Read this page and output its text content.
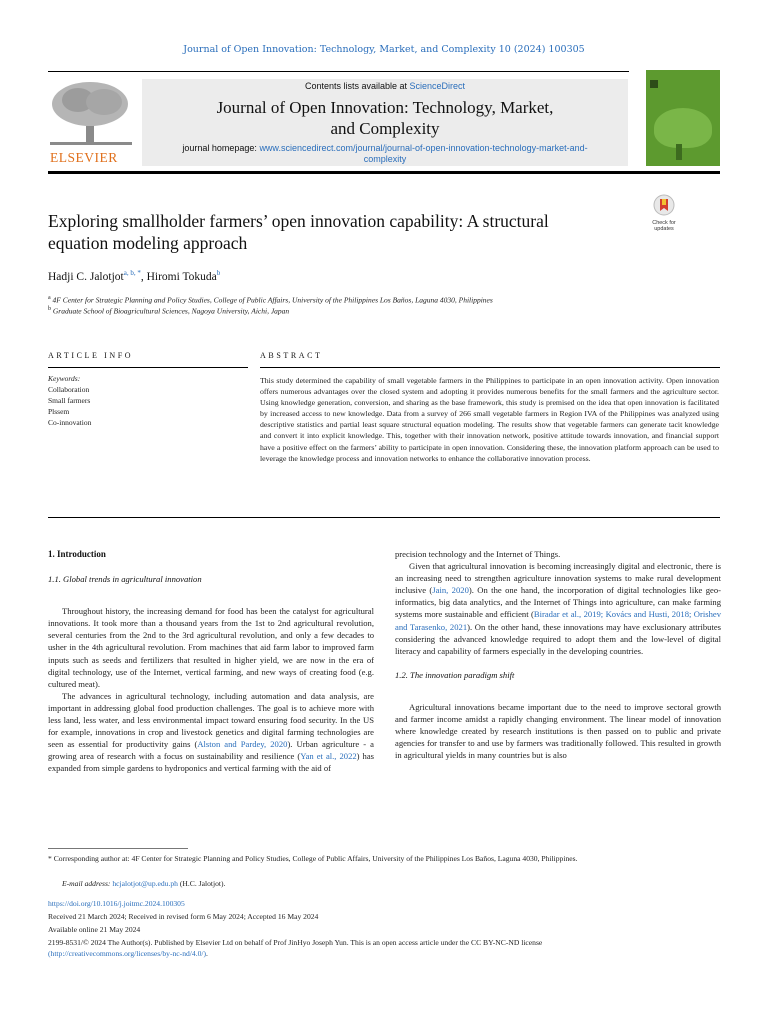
Journal of Open Innovation: Technology, Market, and Complexity 10 (2024) 100305
ELSEVIER
Contents lists available at ScienceDirect
Journal of Open Innovation: Technology, Market,
and Complexity
journal homepage: www.sciencedirect.com/journal/journal-of-open-innovation-technology-market-and-complexity
Check for
updates
Exploring smallholder farmers’ open innovation capability: A structural
equation modeling approach
Hadji C. Jalotjot$^{a, b, *}$, Hiromi Tokuda$^b$
$^a$ 4F Center for Strategic Planning and Policy Studies, College of Public Affairs, University of the Philippines Los Baños, Laguna 4030, Philippines
$^b$ Graduate School of Bioagricultural Sciences, Nagoya University, Aichi, Japan
ARTICLE INFO	ABSTRACT
Keywords:
Collaboration
Small farmers
Plssem
Co-innovation
This study determined the capability of small vegetable farmers in the Philippines to participate in an open innovation activity. Open innovation offers numerous advantages over the closed system and adopting it provides numerous benefits for the small farmers and the agriculture sector. Using knowledge generation, conversion, and sharing as the base framework, this study is premised on the idea that open innovation is facilitated by increased access to new knowledge. Data from a survey of 266 small vegetable farmers in Region IVA of the Philippines was analyzed using descriptive statistics and partial least square structural equation modeling. The results show that vegetable farmers can generate tacit knowledge and convert it into explicit knowledge. This, together with their innovation network, positive attitude towards innovation, and financial support have a positive effect on the farmers’ ability to participate in open innovation. Considering these, the innovation platform approach can be used to leverage the knowledge process and innovation networks to enhance the collaborative innovation process.
1. Introduction
1.1. Global trends in agricultural innovation

Throughout history, the increasing demand for food has been the catalyst for agricultural innovations. It took more than a thousand years from the 1st to 2nd agricultural revolution, several centuries from the 2nd to the 3rd agricultural revolution, and only a few decades to usher in the 4th agricultural revolution. From machines that aid farm labor to improved farm inputs such as seeds and fertilizers that resulted in higher yield, we are now in the era of digital technology, use of the Internet, vertical farming, and new ways of creating food (e.g. cultured meat).

The advances in agricultural technology, including automation and data analysis, are important in addressing global food production challenges. The goal is to achieve more with less land, less water, and less environmental impact toward ensuring food security. In the US for example, innovations in crop and livestock genetics and digital farming technologies are seen as essential for productivity gains (Alston and Pardey, 2020). Urban agriculture - a growing area of research with a focus on sustainability and resilience (Yan et al., 2022) has expanded from simple gardens to hydroponics and vertical farming with the aid of

precision technology and the Internet of Things.

Given that agricultural innovation is becoming increasingly digital and electronic, there is an increasing need to strengthen agriculture innovation systems to make rural development inclusive (Jain, 2020). On the one hand, the incorporation of digital technologies like geo-informatics, big data analytics, and the Internet of Things into agriculture, can make farming systems more sustainable and efficient (Biradar et al., 2019; Kovács and Husti, 2018; Orishev and Tarasenko, 2021). On the other hand, these innovations may have exclusionary attributes considering the advanced knowledge required to adopt them and the low-level of digital literacy and capability of farmers especially in the developing countries.

1.2. The innovation paradigm shift

Agricultural innovations became important due to the need to improve sectoral growth and farmer income amidst a rapidly changing environment. The linear model of innovation where knowledge created by research institutions is then passed on to public and private agencies for transfer to and use by farmers was traditionally followed. This resulted in growth in agricultural yields in many countries but is also

* Corresponding author at: 4F Center for Strategic Planning and Policy Studies, College of Public Affairs, University of the Philippines Los Baños, Laguna 4030, Philippines.
E-mail address: hcjalotjot@up.edu.ph (H.C. Jalotjot).
https://doi.org/10.1016/j.joitmc.2024.100305
Received 21 March 2024; Received in revised form 6 May 2024; Accepted 16 May 2024
Available online 21 May 2024
2199-8531/© 2024 The Author(s). Published by Elsevier Ltd on behalf of Prof JinHyo Joseph Yun. This is an open access article under the CC BY-NC-ND license
(http://creativecommons.org/licenses/by-nc-nd/4.0/).
